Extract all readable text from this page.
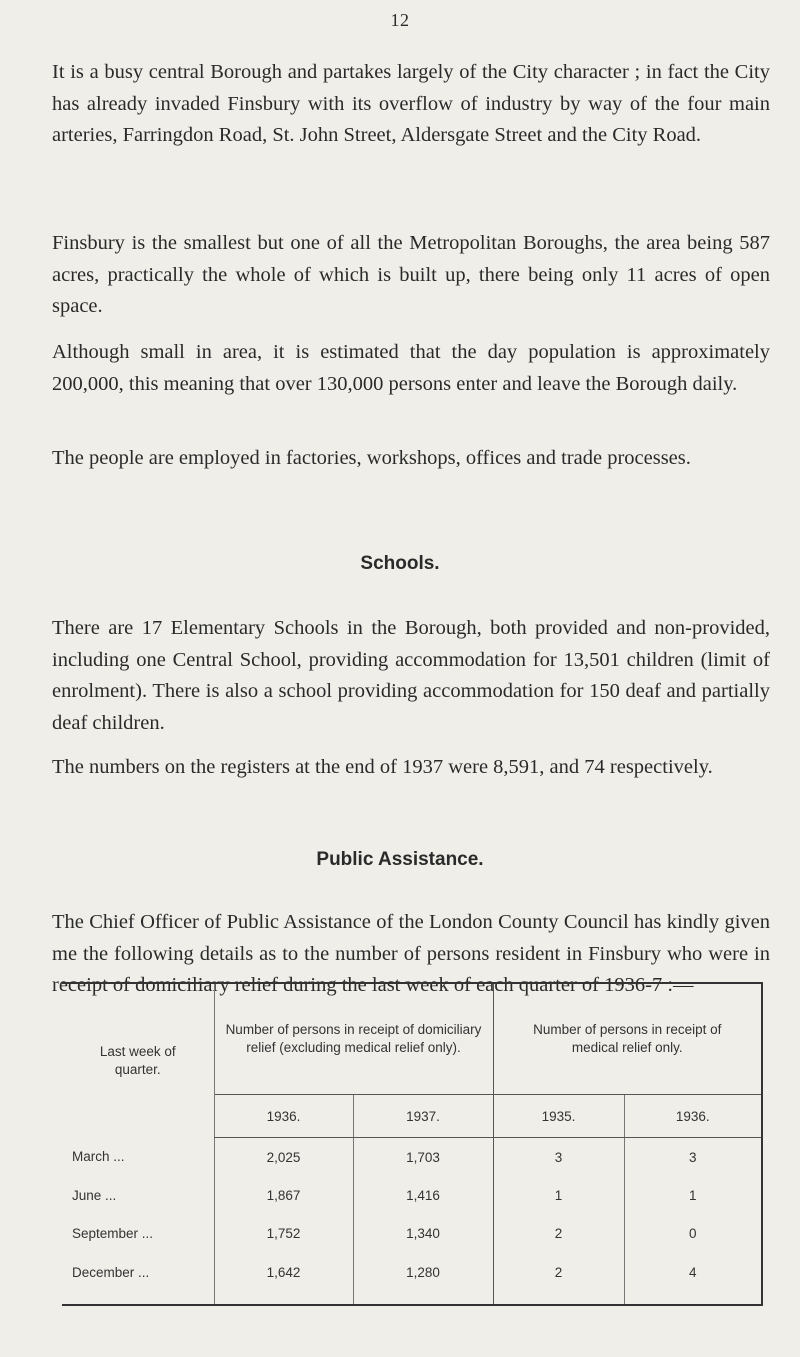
12

It is a busy central Borough and partakes largely of the City character ; in fact the City has already invaded Finsbury with its overflow of industry by way of the four main arteries, Farringdon Road, St. John Street, Aldersgate Street and the City Road.

Finsbury is the smallest but one of all the Metropolitan Boroughs, the area being 587 acres, practically the whole of which is built up, there being only 11 acres of open space.

Although small in area, it is estimated that the day population is approximately 200,000, this meaning that over 130,000 persons enter and leave the Borough daily.

The people are employed in factories, workshops, offices and trade processes.

Schools.

There are 17 Elementary Schools in the Borough, both provided and non-provided, including one Central School, providing accommodation for 13,501 children (limit of enrolment). There is also a school providing accommodation for 150 deaf and partially deaf children.

The numbers on the registers at the end of 1937 were 8,591, and 74 respectively.

Public Assistance.

The Chief Officer of Public Assistance of the London County Council has kindly given me the following details as to the number of persons resident in Finsbury who were in receipt of domiciliary relief during the last week of each quarter of 1936-7 :—

Last week of quarter.	Number of persons in receipt of domiciliary relief (excluding medical relief only).		Number of persons in receipt of medical relief only.	
	1936.	1937.	1935.	1936.
March ...	2,025	1,703	3	3
June ...	1,867	1,416	1	1
September ...	1,752	1,340	2	0
December ...	1,642	1,280	2	4
